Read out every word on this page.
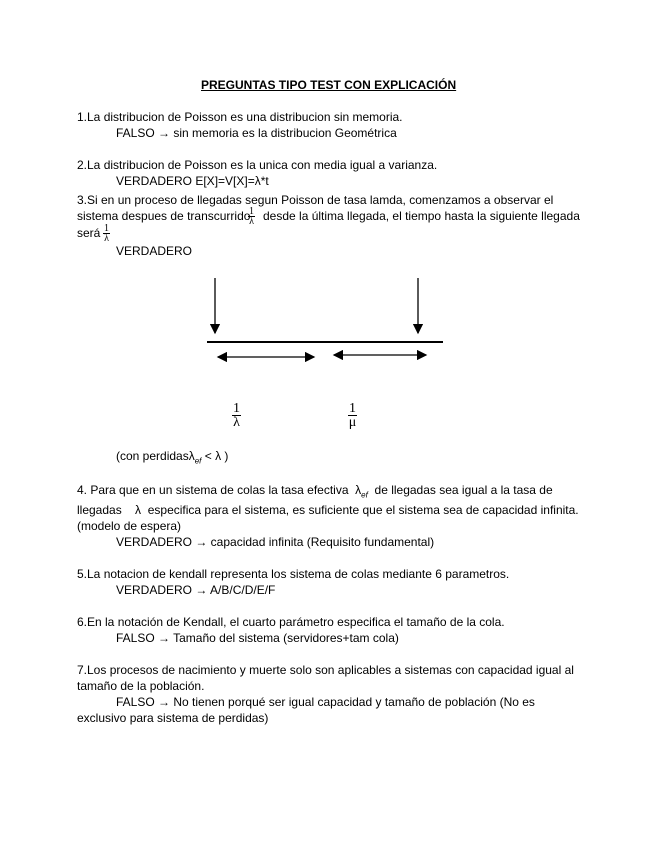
PREGUNTAS TIPO TEST CON EXPLICACIÓN
1.La distribucion de Poisson es una distribucion sin memoria.
FALSO → sin memoria es la distribucion Geométrica
2.La distribucion de Poisson es la unica con media igual a varianza.
VERDADERO E[X]=V[X]=λ*t
3.Si en un proceso de llegadas segun Poisson de tasa lamda, comenzamos a observar el
sistema despues de transcurrido
$\frac{1}{\lambda}$ desde la última llegada, el tiempo hasta la siguiente llegada
será $\frac{1}{\lambda}$
VERDADERO
$\frac{1}{\lambda}$	$\frac{1}{\mu}$
(con perdidasλ$_{ef}$ < λ )
4. Para que en un sistema de colas la tasa efectiva $\lambda_{ef}$ de llegadas sea igual a la tasa de
llegadas λ especifica para el sistema, es suficiente que el sistema sea de capacidad infinita.
(modelo de espera)
VERDADERO → capacidad infinita (Requisito fundamental)
5.La notacion de kendall representa los sistema de colas mediante 6 parametros.
VERDADERO → A/B/C/D/E/F
6.En la notación de Kendall, el cuarto parámetro especifica el tamaño de la cola.
FALSO → Tamaño del sistema (servidores+tam cola)
7.Los procesos de nacimiento y muerte solo son aplicables a sistemas con capacidad igual al
tamaño de la población.
FALSO → No tienen porqué ser igual capacidad y tamaño de población (No es
exclusivo para sistema de perdidas)
